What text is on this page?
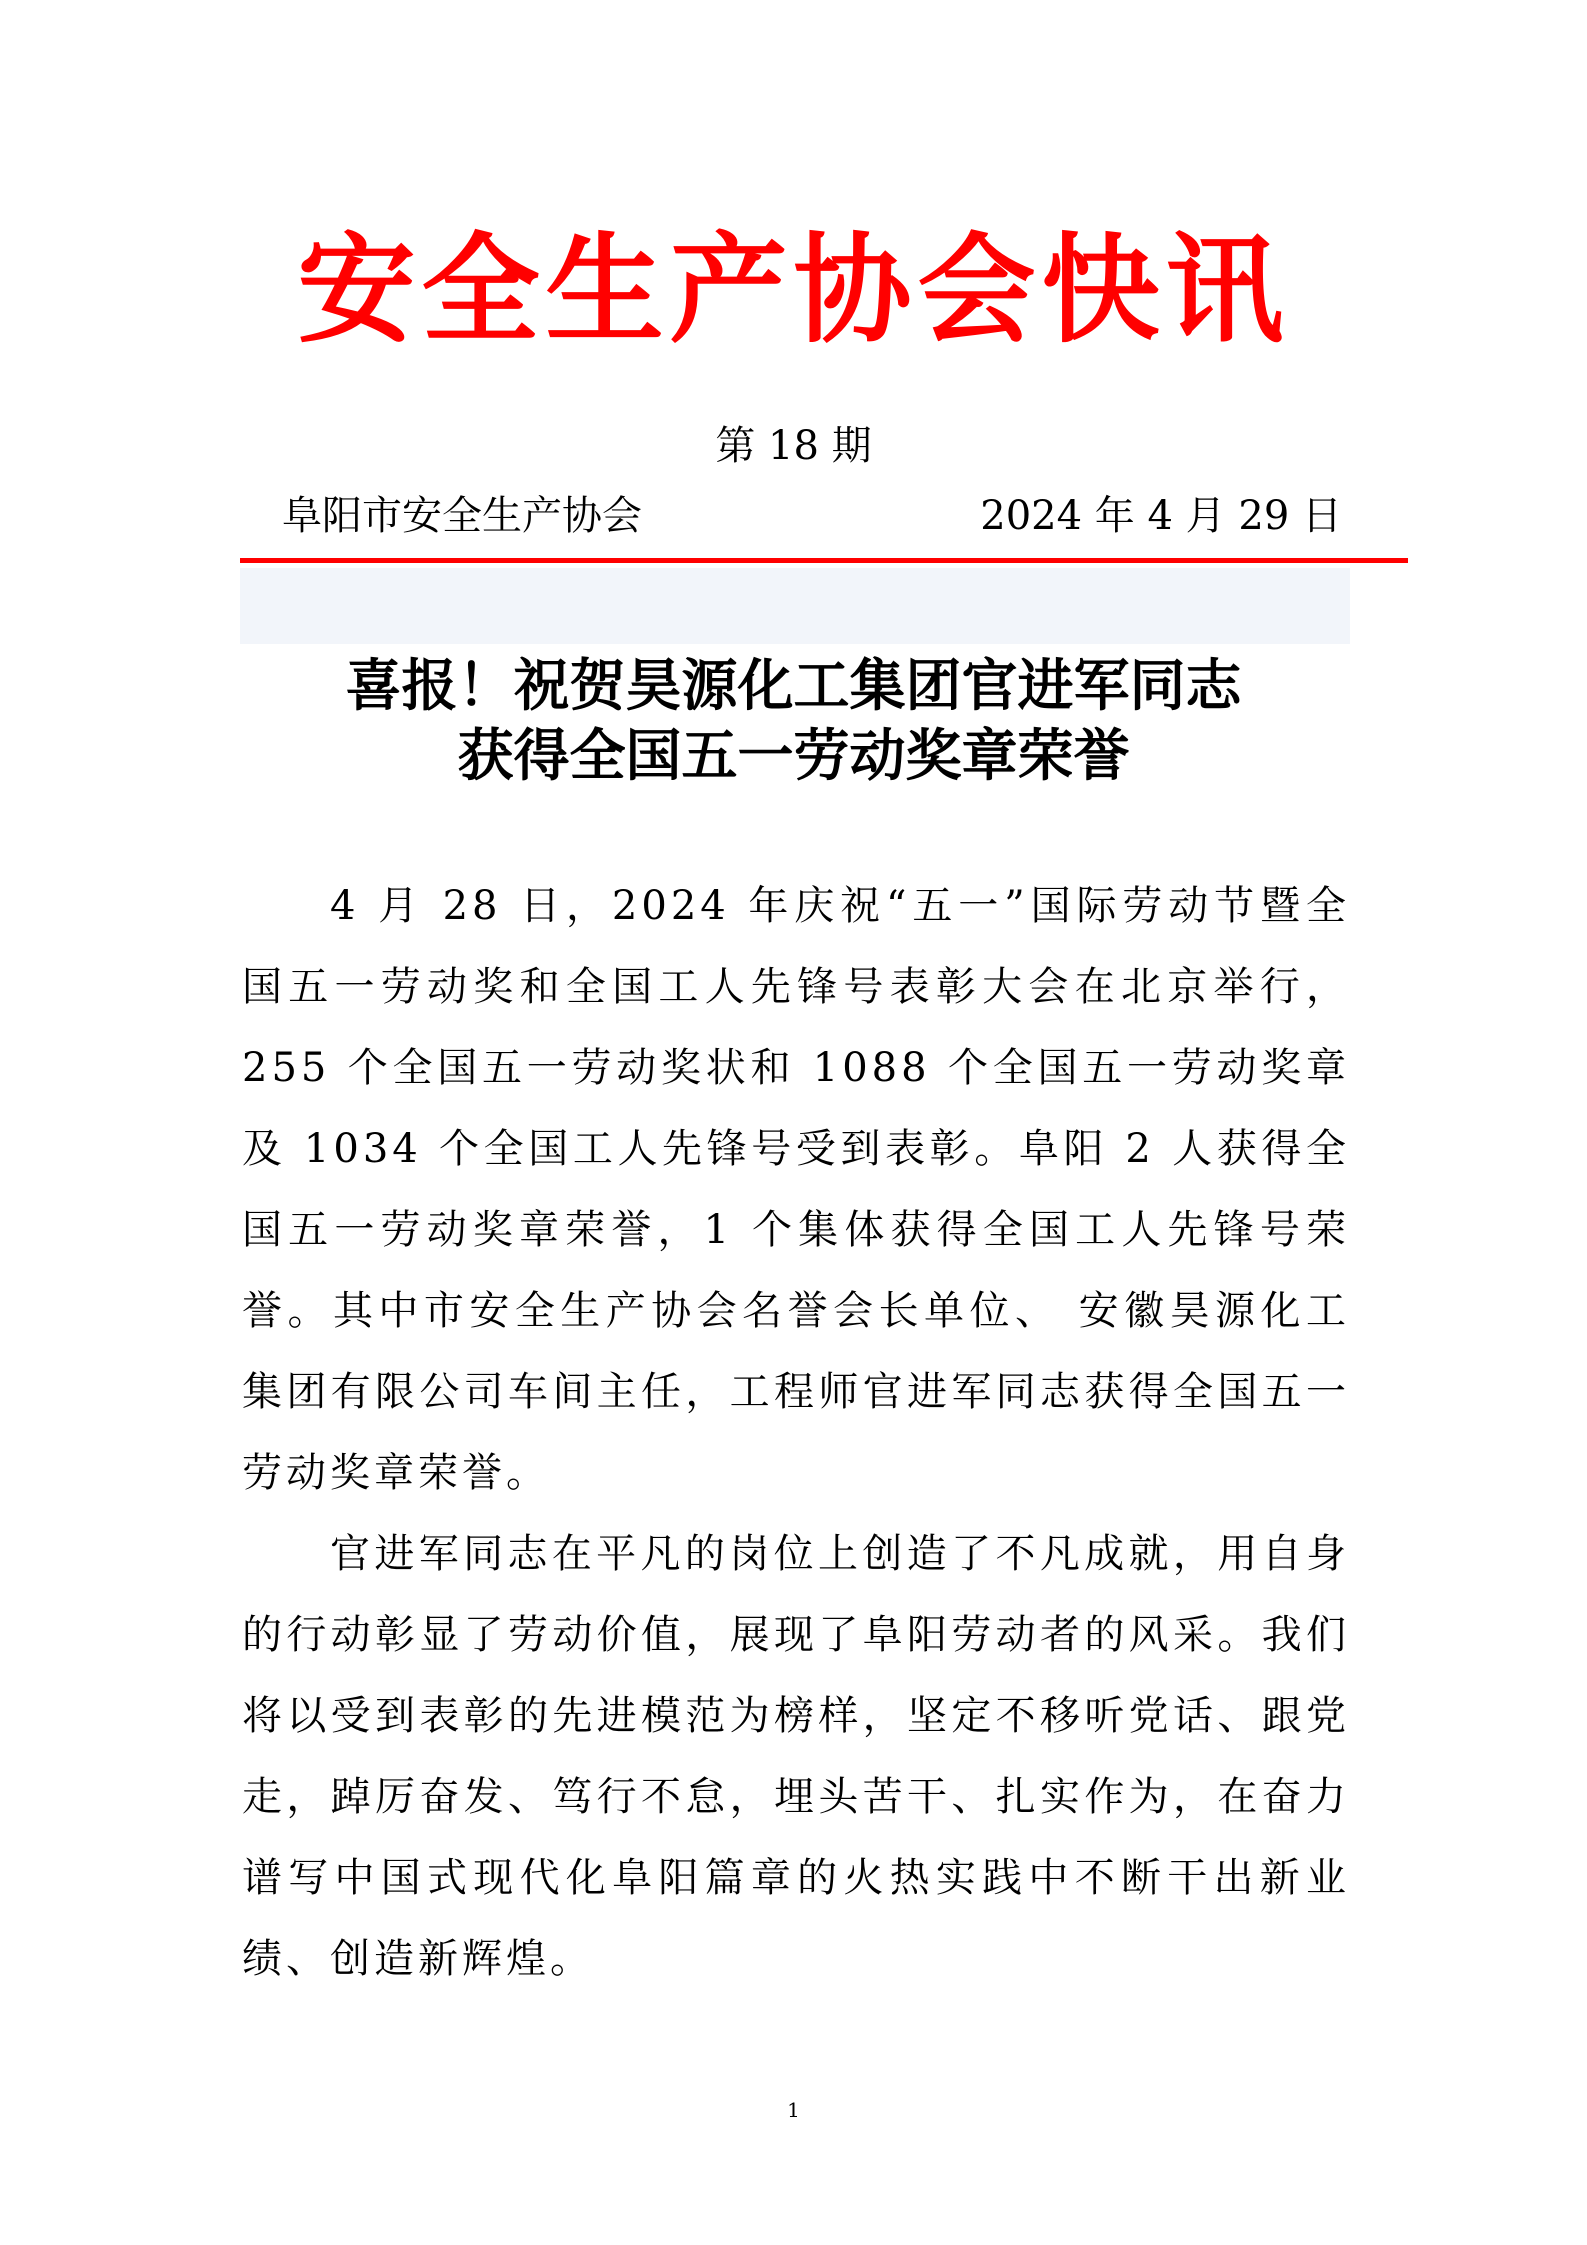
安全生产协会快讯
第 18 期
阜阳市安全生产协会	2024 年 4 月 29 日
喜报！祝贺昊源化工集团官进军同志
获得全国五一劳动奖章荣誉

4 月 28 日，2024 年庆祝“五一”国际劳动节暨全国五一劳动奖和全国工人先锋号表彰大会在北京举行，255 个全国五一劳动奖状和 1088 个全国五一劳动奖章及 1034 个全国工人先锋号受到表彰。阜阳 2 人获得全国五一劳动奖章荣誉，1 个集体获得全国工人先锋号荣誉。其中市安全生产协会名誉会长单位、 安徽昊源化工集团有限公司车间主任，工程师官进军同志获得全国五一劳动奖章荣誉。

官进军同志在平凡的岗位上创造了不凡成就，用自身的行动彰显了劳动价值，展现了阜阳劳动者的风采。我们将以受到表彰的先进模范为榜样，坚定不移听党话、跟党走，踔厉奋发、笃行不怠，埋头苦干、扎实作为，在奋力谱写中国式现代化阜阳篇章的火热实践中不断干出新业绩、创造新辉煌。

1
